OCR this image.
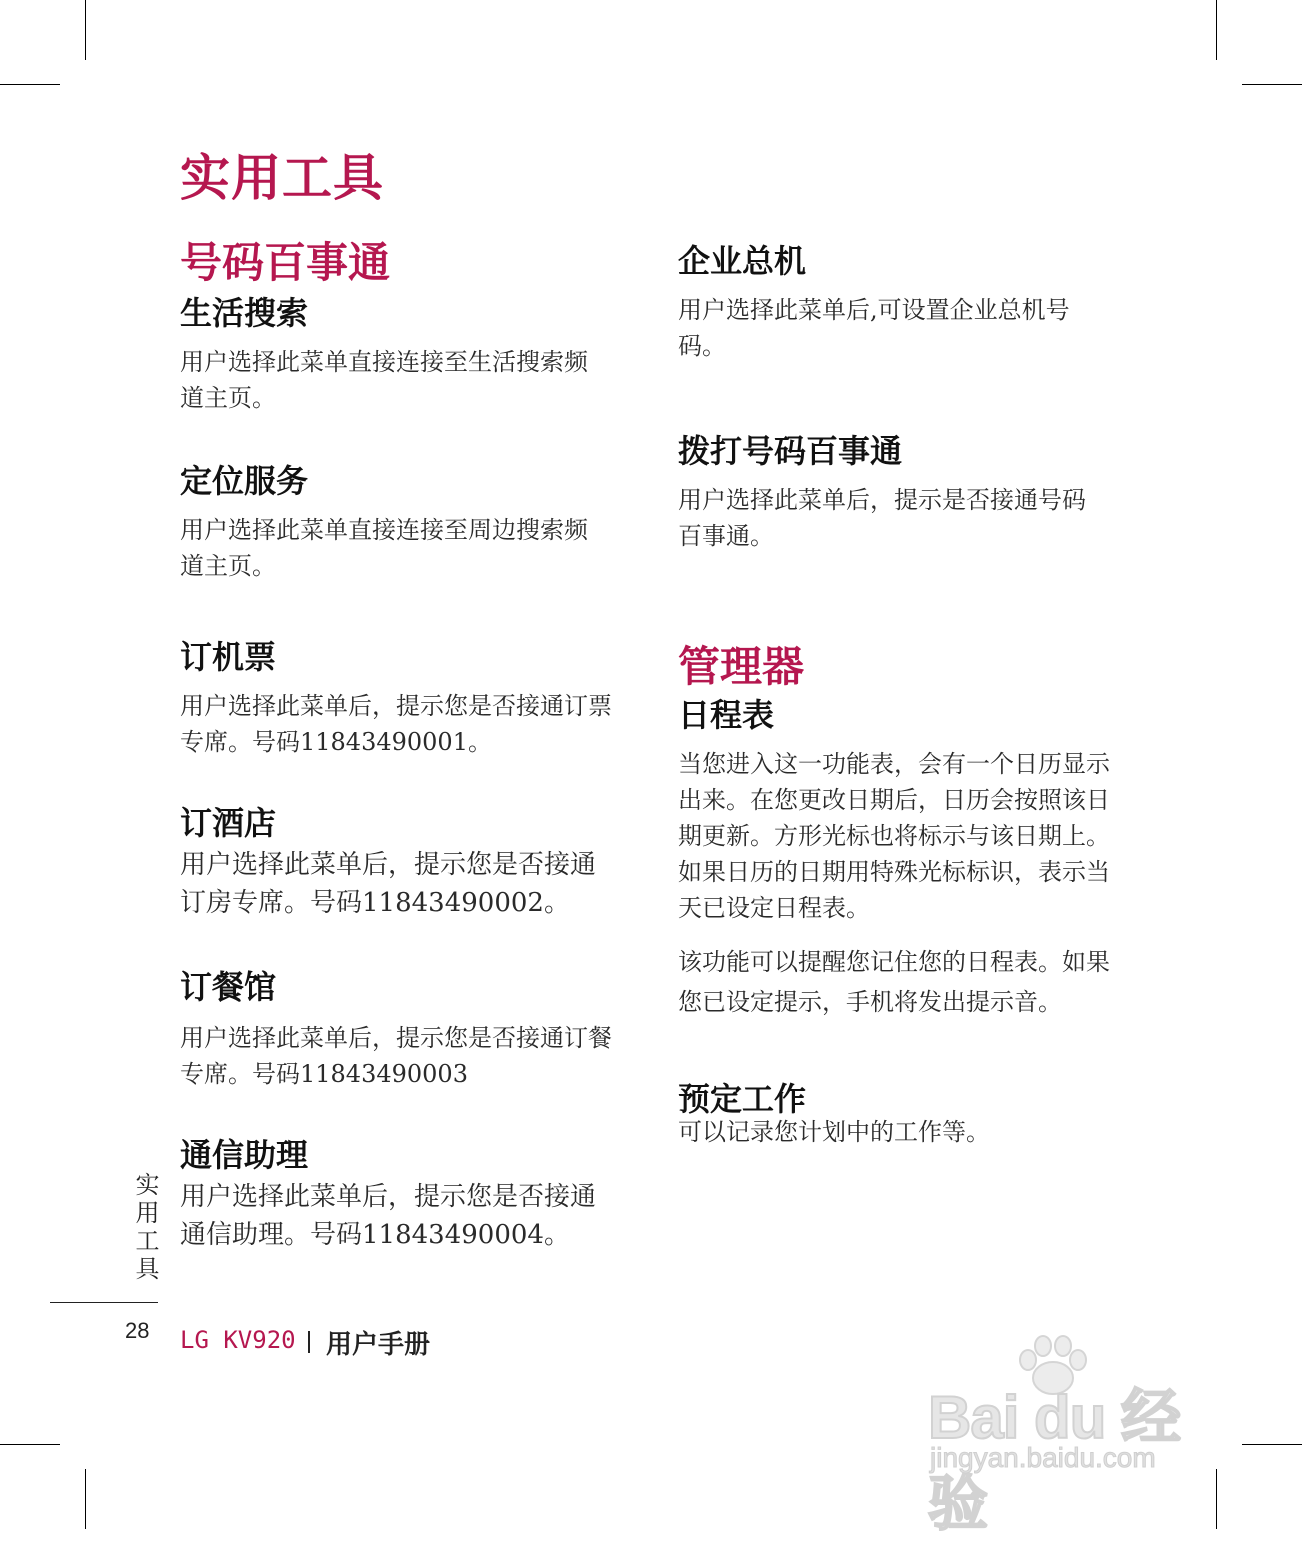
实用工具
号码百事通
生活搜索
用户选择此菜单直接连接至生活搜索频
道主页。
定位服务
用户选择此菜单直接连接至周边搜索频
道主页。
订机票
用户选择此菜单后，提示您是否接通订票
专席。号码11843490001。
订酒店
用户选择此菜单后，提示您是否接通
订房专席。号码11843490002。
订餐馆
用户选择此菜单后，提示您是否接通订餐
专席。号码11843490003
通信助理
用户选择此菜单后，提示您是否接通
通信助理。号码11843490004。
企业总机
用户选择此菜单后,可设置企业总机号
码。
拨打号码百事通
用户选择此菜单后，提示是否接通号码
百事通。
管理器
日程表
当您进入这一功能表，会有一个日历显示
出来。在您更改日期后，日历会按照该日
期更新。方形光标也将标示与该日期上。
如果日历的日期用特殊光标标识，表示当
天已设定日程表。
该功能可以提醒您记住您的日程表。如果
您已设定提示，手机将发出提示音。
预定工作
可以记录您计划中的工作等。
实用工具
28 LG KV920 用户手册
Bai du 经验
jingyan.baidu.com
